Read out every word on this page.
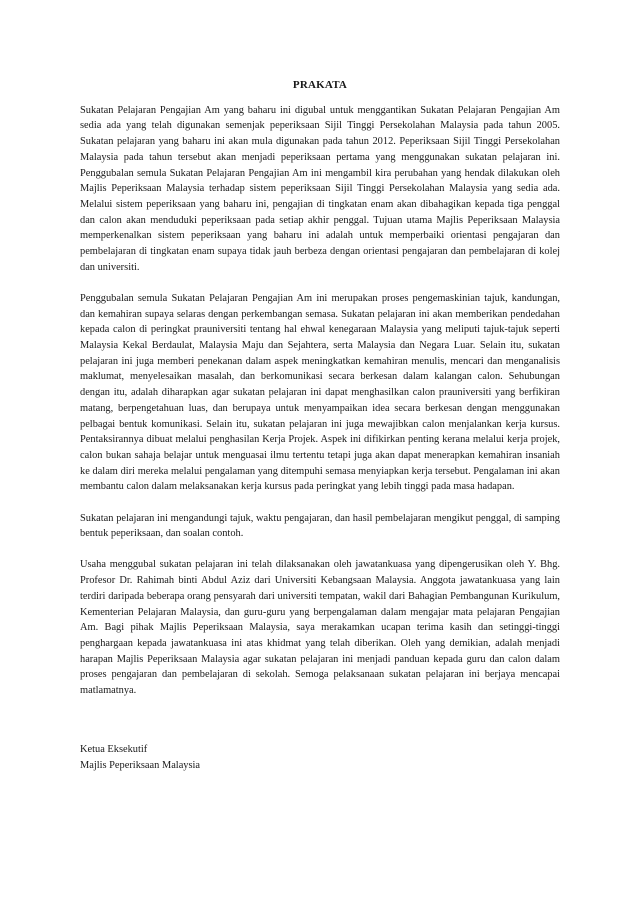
PRAKATA

Sukatan Pelajaran Pengajian Am yang baharu ini digubal untuk menggantikan Sukatan Pelajaran Pengajian Am sedia ada yang telah digunakan semenjak peperiksaan Sijil Tinggi Persekolahan Malaysia pada tahun 2005. Sukatan pelajaran yang baharu ini akan mula digunakan pada tahun 2012. Peperiksaan Sijil Tinggi Persekolahan Malaysia pada tahun tersebut akan menjadi peperiksaan pertama yang menggunakan sukatan pelajaran ini. Penggubalan semula Sukatan Pelajaran Pengajian Am ini mengambil kira perubahan yang hendak dilakukan oleh Majlis Peperiksaan Malaysia terhadap sistem peperiksaan Sijil Tinggi Persekolahan Malaysia yang sedia ada. Melalui sistem peperiksaan yang baharu ini, pengajian di tingkatan enam akan dibahagikan kepada tiga penggal dan calon akan menduduki peperiksaan pada setiap akhir penggal. Tujuan utama Majlis Peperiksaan Malaysia memperkenalkan sistem peperiksaan yang baharu ini adalah untuk memperbaiki orientasi pengajaran dan pembelajaran di tingkatan enam supaya tidak jauh berbeza dengan orientasi pengajaran dan pembelajaran di kolej dan universiti.

Penggubalan semula Sukatan Pelajaran Pengajian Am ini merupakan proses pengemaskinian tajuk, kandungan, dan kemahiran supaya selaras dengan perkembangan semasa. Sukatan pelajaran ini akan memberikan pendedahan kepada calon di peringkat prauniversiti tentang hal ehwal kenegaraan Malaysia yang meliputi tajuk-tajuk seperti Malaysia Kekal Berdaulat, Malaysia Maju dan Sejahtera, serta Malaysia dan Negara Luar. Selain itu, sukatan pelajaran ini juga memberi penekanan dalam aspek meningkatkan kemahiran menulis, mencari dan menganalisis maklumat, menyelesaikan masalah, dan berkomunikasi secara berkesan dalam kalangan calon. Sehubungan dengan itu, adalah diharapkan agar sukatan pelajaran ini dapat menghasilkan calon prauniversiti yang berfikiran matang, berpengetahuan luas, dan berupaya untuk menyampaikan idea secara berkesan dengan menggunakan pelbagai bentuk komunikasi. Selain itu, sukatan pelajaran ini juga mewajibkan calon menjalankan kerja kursus. Pentaksirannya dibuat melalui penghasilan Kerja Projek. Aspek ini difikirkan penting kerana melalui kerja projek, calon bukan sahaja belajar untuk menguasai ilmu tertentu tetapi juga akan dapat menerapkan kemahiran insaniah ke dalam diri mereka melalui pengalaman yang ditempuhi semasa menyiapkan kerja tersebut. Pengalaman ini akan membantu calon dalam melaksanakan kerja kursus pada peringkat yang lebih tinggi pada masa hadapan.

Sukatan pelajaran ini mengandungi tajuk, waktu pengajaran, dan hasil pembelajaran mengikut penggal, di samping bentuk peperiksaan, dan soalan contoh.

Usaha menggubal sukatan pelajaran ini telah dilaksanakan oleh jawatankuasa yang dipengerusikan oleh Y. Bhg. Profesor Dr. Rahimah binti Abdul Aziz dari Universiti Kebangsaan Malaysia. Anggota jawatankuasa yang lain terdiri daripada beberapa orang pensyarah dari universiti tempatan, wakil dari Bahagian Pembangunan Kurikulum, Kementerian Pelajaran Malaysia, dan guru-guru yang berpengalaman dalam mengajar mata pelajaran Pengajian Am. Bagi pihak Majlis Peperiksaan Malaysia, saya merakamkan ucapan terima kasih dan setinggi-tinggi penghargaan kepada jawatankuasa ini atas khidmat yang telah diberikan. Oleh yang demikian, adalah menjadi harapan Majlis Peperiksaan Malaysia agar sukatan pelajaran ini menjadi panduan kepada guru dan calon dalam proses pengajaran dan pembelajaran di sekolah. Semoga pelaksanaan sukatan pelajaran ini berjaya mencapai matlamatnya.

Ketua Eksekutif
Majlis Peperiksaan Malaysia
